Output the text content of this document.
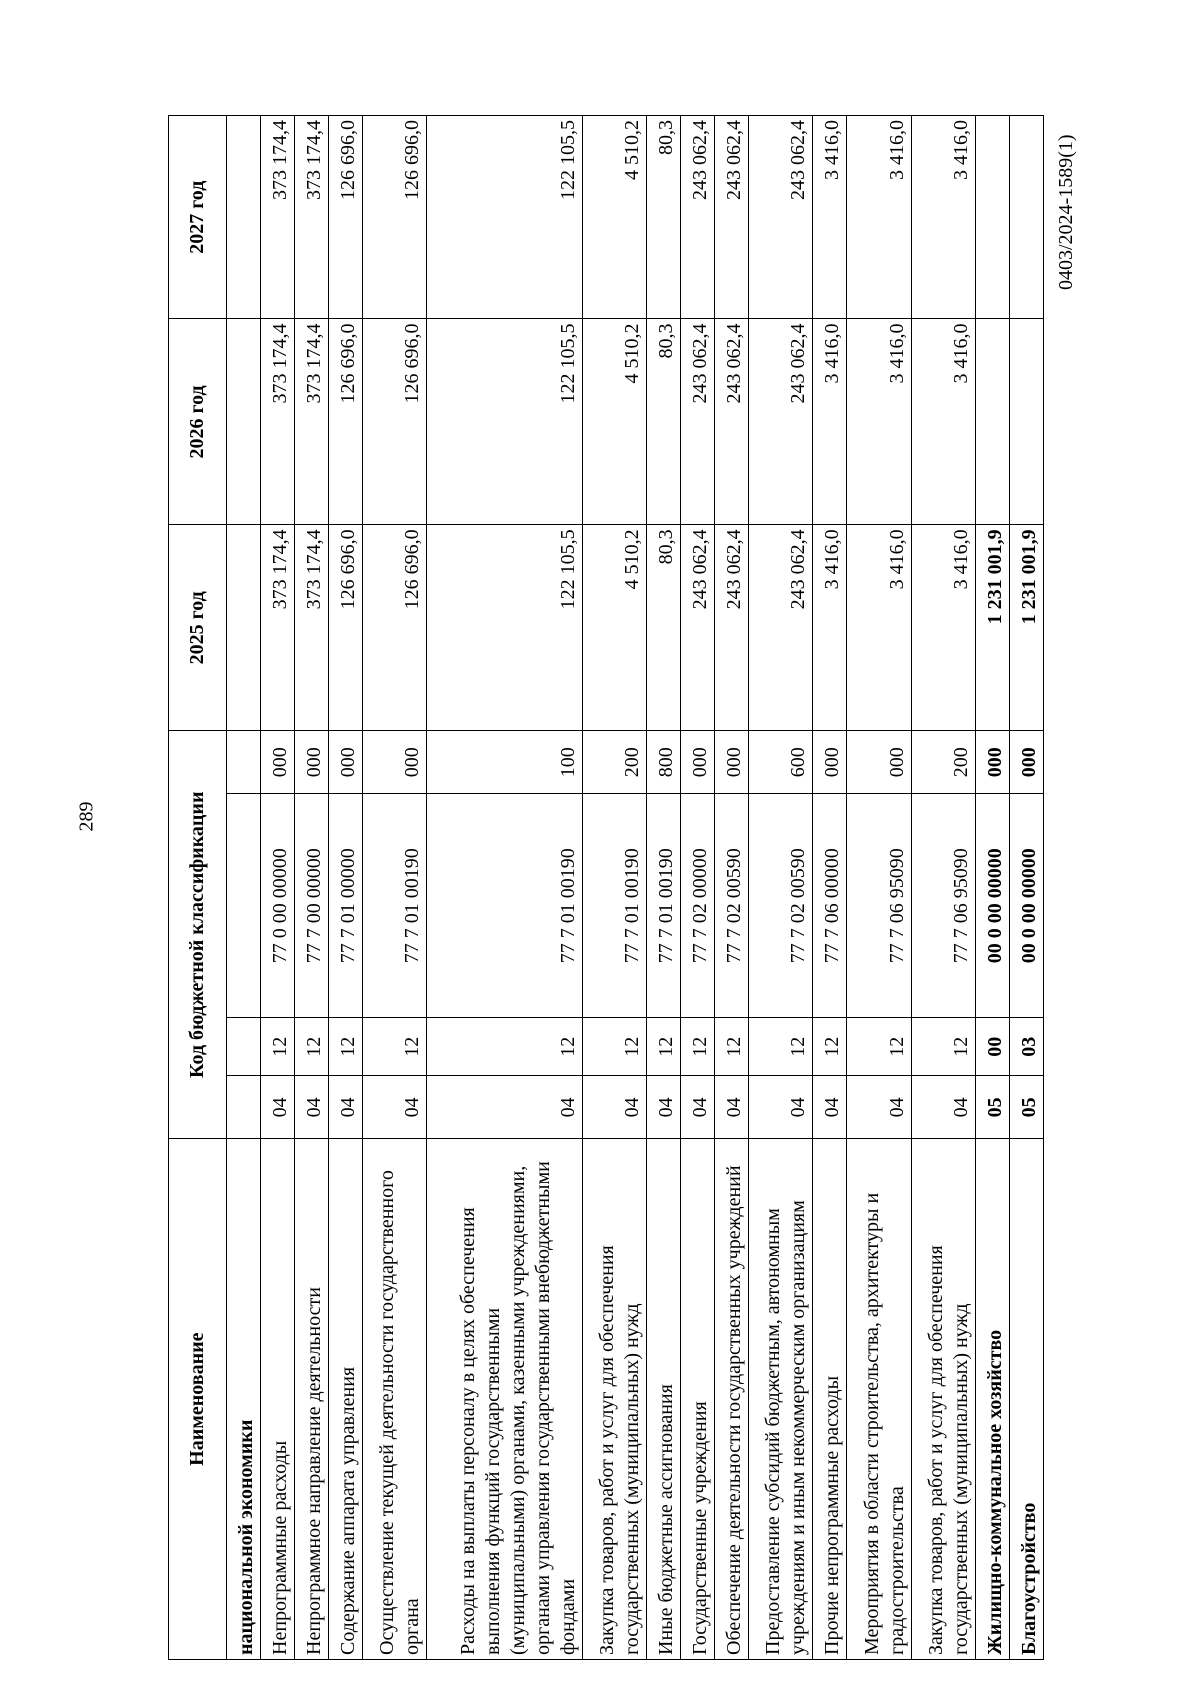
289
Наименование	Код бюджетной классификации				2025 год	2026 год	2027 год
национальной экономики							
Непрограммные расходы	04	12	77 0 00 00000	000	373 174,4	373 174,4	373 174,4
Непрограммное направление деятельности	04	12	77 7 00 00000	000	373 174,4	373 174,4	373 174,4
Содержание аппарата управления	04	12	77 7 01 00000	000	126 696,0	126 696,0	126 696,0
Осуществление текущей деятельности государственного органа	04	12	77 7 01 00190	000	126 696,0	126 696,0	126 696,0
Расходы на выплаты персоналу в целях обеспечения выполнения функций государственными (муниципальными) органами, казенными учреждениями, органами управления государственными внебюджетными фондами	04	12	77 7 01 00190	100	122 105,5	122 105,5	122 105,5
Закупка товаров, работ и услуг для обеспечения государственных (муниципальных) нужд	04	12	77 7 01 00190	200	4 510,2	4 510,2	4 510,2
Иные бюджетные ассигнования	04	12	77 7 01 00190	800	80,3	80,3	80,3
Государственные учреждения	04	12	77 7 02 00000	000	243 062,4	243 062,4	243 062,4
Обеспечение деятельности государственных учреждений	04	12	77 7 02 00590	000	243 062,4	243 062,4	243 062,4
Предоставление субсидий бюджетным, автономным учреждениям и иным некоммерческим организациям	04	12	77 7 02 00590	600	243 062,4	243 062,4	243 062,4
Прочие непрограммные расходы	04	12	77 7 06 00000	000	3 416,0	3 416,0	3 416,0
Мероприятия в области строительства, архитектуры и градостроительства	04	12	77 7 06 95090	000	3 416,0	3 416,0	3 416,0
Закупка товаров, работ и услуг для обеспечения государственных (муниципальных) нужд	04	12	77 7 06 95090	200	3 416,0	3 416,0	3 416,0
Жилищно-коммунальное хозяйство	05	00	00 0 00 00000	000	1 231 001,9		
Благоустройство	05	03	00 0 00 00000	000	1 231 001,9		
0403/2024-1589(1)
